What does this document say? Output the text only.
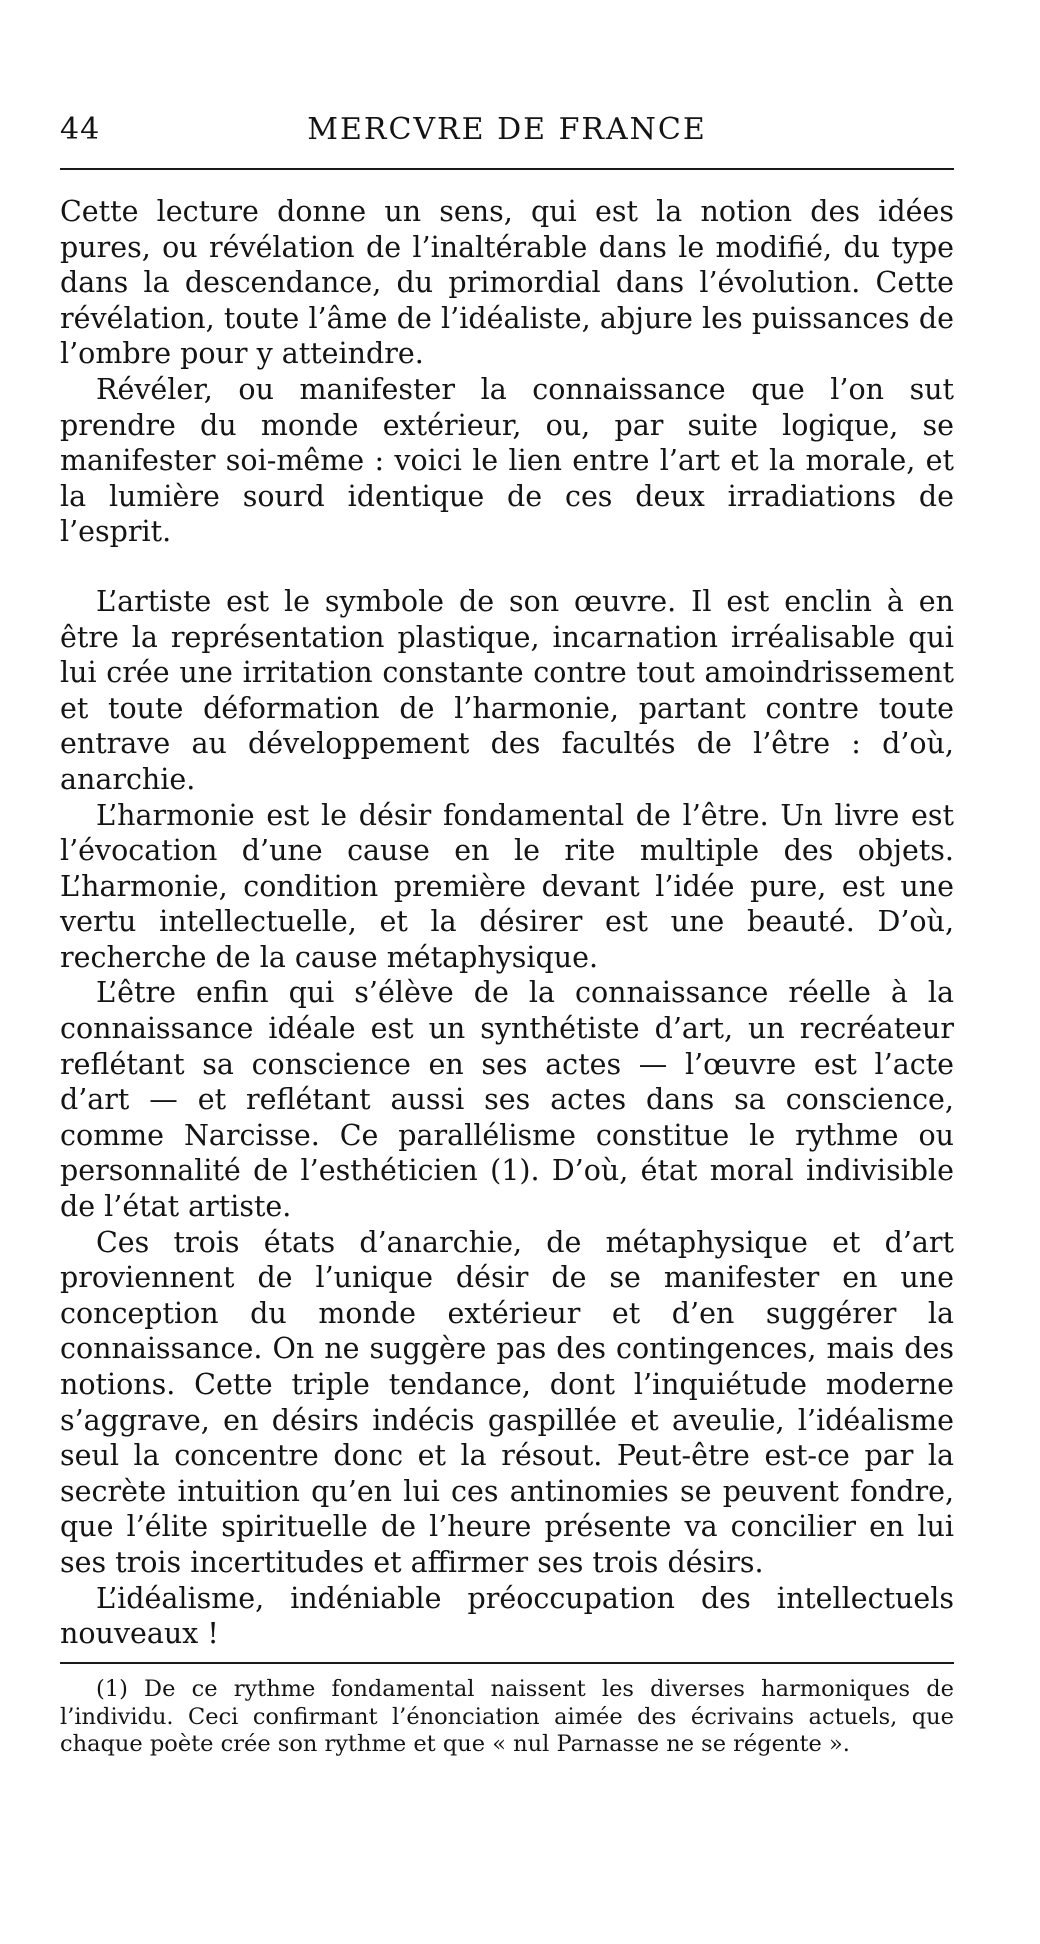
44	MERCVRE DE FRANCE

Cette lecture donne un sens, qui est la notion des idées pures, ou révélation de l’inaltérable dans le modifié, du type dans la descendance, du primordial dans l’évolution. Cette révélation, toute l’âme de l’idéaliste, abjure les puissances de l’ombre pour y atteindre.

Révéler, ou manifester la connaissance que l’on sut prendre du monde extérieur, ou, par suite logique, se manifester soi-même : voici le lien entre l’art et la morale, et la lumière sourd identique de ces deux irradiations de l’esprit.

L’artiste est le symbole de son œuvre. Il est enclin à en être la représentation plastique, incarnation irréalisable qui lui crée une irritation constante contre tout amoindrissement et toute déformation de l’harmonie, partant contre toute entrave au développement des facultés de l’être : d’où, anarchie.

L’harmonie est le désir fondamental de l’être. Un livre est l’évocation d’une cause en le rite multiple des objets. L’harmonie, condition première devant l’idée pure, est une vertu intellectuelle, et la désirer est une beauté. D’où, recherche de la cause métaphysique.

L’être enfin qui s’élève de la connaissance réelle à la connaissance idéale est un synthétiste d’art, un recréateur reflétant sa conscience en ses actes — l’œuvre est l’acte d’art — et reflétant aussi ses actes dans sa conscience, comme Narcisse. Ce parallélisme constitue le rythme ou personnalité de l’esthéticien (1). D’où, état moral indivisible de l’état artiste.

Ces trois états d’anarchie, de métaphysique et d’art proviennent de l’unique désir de se manifester en une conception du monde extérieur et d’en suggérer la connaissance. On ne suggère pas des contingences, mais des notions. Cette triple tendance, dont l’inquiétude moderne s’aggrave, en désirs indécis gaspillée et aveulie, l’idéalisme seul la concentre donc et la résout. Peut-être est-ce par la secrète intuition qu’en lui ces antinomies se peuvent fondre, que l’élite spirituelle de l’heure présente va concilier en lui ses trois incertitudes et affirmer ses trois désirs.

L’idéalisme, indéniable préoccupation des intellectuels nouveaux !

(1) De ce rythme fondamental naissent les diverses harmoniques de l’individu. Ceci confirmant l’énonciation aimée des écrivains actuels, que chaque poète crée son rythme et que « nul Parnasse ne se régente ».
